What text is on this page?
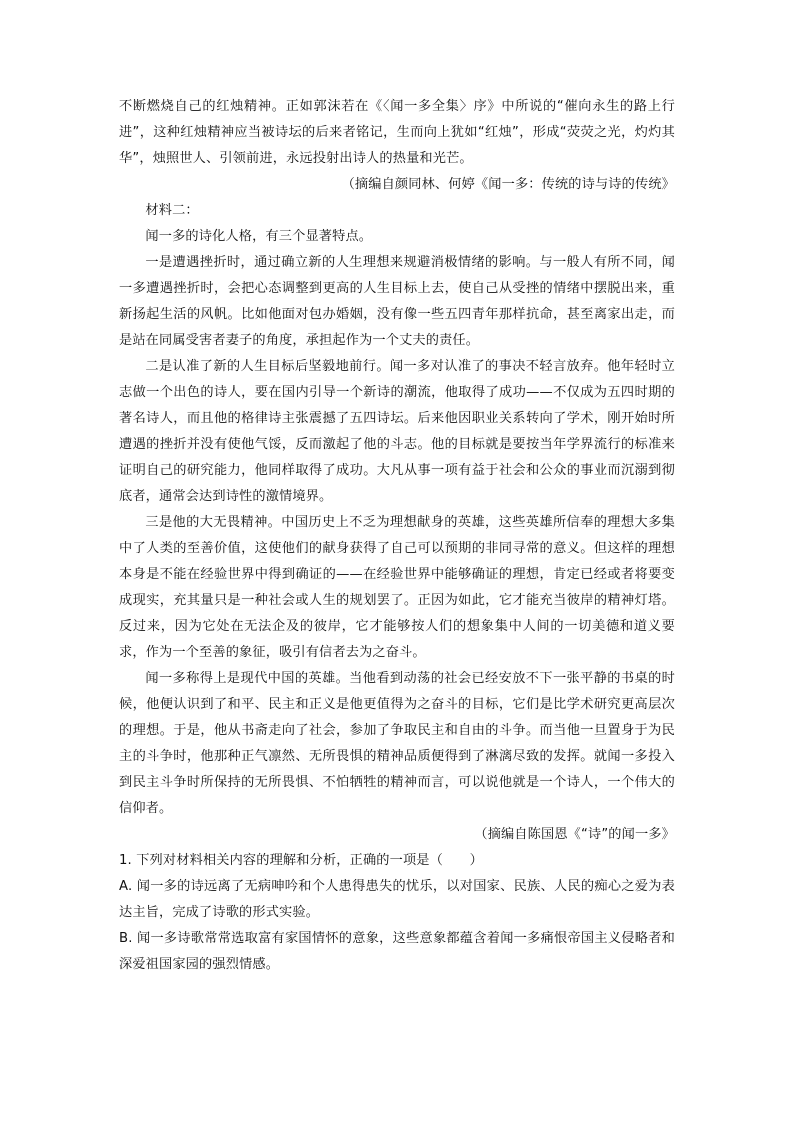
不断燃烧自己的红烛精神。正如郭沫若在《〈闻一多全集〉序》中所说的“催向永生的路上行进”，这种红烛精神应当被诗坛的后来者铭记，生而向上犹如“红烛”，形成“荧荧之光，灼灼其华”，烛照世人、引领前进，永远投射出诗人的热量和光芒。

（摘编自颜同林、何婷《闻一多：传统的诗与诗的传统》

材料二：

闻一多的诗化人格，有三个显著特点。

一是遭遇挫折时，通过确立新的人生理想来规避消极情绪的影响。与一般人有所不同，闻一多遭遇挫折时，会把心态调整到更高的人生目标上去，使自己从受挫的情绪中摆脱出来，重新扬起生活的风帆。比如他面对包办婚姻，没有像一些五四青年那样抗命，甚至离家出走，而是站在同属受害者妻子的角度，承担起作为一个丈夫的责任。

二是认准了新的人生目标后坚毅地前行。闻一多对认准了的事决不轻言放弃。他年轻时立志做一个出色的诗人，要在国内引导一个新诗的潮流，他取得了成功——不仅成为五四时期的著名诗人，而且他的格律诗主张震撼了五四诗坛。后来他因职业关系转向了学术，刚开始时所遭遇的挫折并没有使他气馁，反而激起了他的斗志。他的目标就是要按当年学界流行的标准来证明自己的研究能力，他同样取得了成功。大凡从事一项有益于社会和公众的事业而沉溺到彻底者，通常会达到诗性的激情境界。

三是他的大无畏精神。中国历史上不乏为理想献身的英雄，这些英雄所信奉的理想大多集中了人类的至善价值，这使他们的献身获得了自己可以预期的非同寻常的意义。但这样的理想本身是不能在经验世界中得到确证的——在经验世界中能够确证的理想，肯定已经或者将要变成现实，充其量只是一种社会或人生的规划罢了。正因为如此，它才能充当彼岸的精神灯塔。反过来，因为它处在无法企及的彼岸，它才能够按人们的想象集中人间的一切美德和道义要求，作为一个至善的象征，吸引有信者去为之奋斗。

闻一多称得上是现代中国的英雄。当他看到动荡的社会已经安放不下一张平静的书桌的时候，他便认识到了和平、民主和正义是他更值得为之奋斗的目标，它们是比学术研究更高层次的理想。于是，他从书斋走向了社会，参加了争取民主和自由的斗争。而当他一旦置身于为民主的斗争时，他那种正气凛然、无所畏惧的精神品质便得到了淋漓尽致的发挥。就闻一多投入到民主斗争时所保持的无所畏惧、不怕牺牲的精神而言，可以说他就是一个诗人，一个伟大的信仰者。

（摘编自陈国恩《“诗”的闻一多》

1. 下列对材料相关内容的理解和分析，正确的一项是（　　）

A. 闻一多的诗远离了无病呻吟和个人患得患失的忧乐，以对国家、民族、人民的痴心之爱为表达主旨，完成了诗歌的形式实验。

B. 闻一多诗歌常常选取富有家国情怀的意象，这些意象都蕴含着闻一多痛恨帝国主义侵略者和深爱祖国家园的强烈情感。
